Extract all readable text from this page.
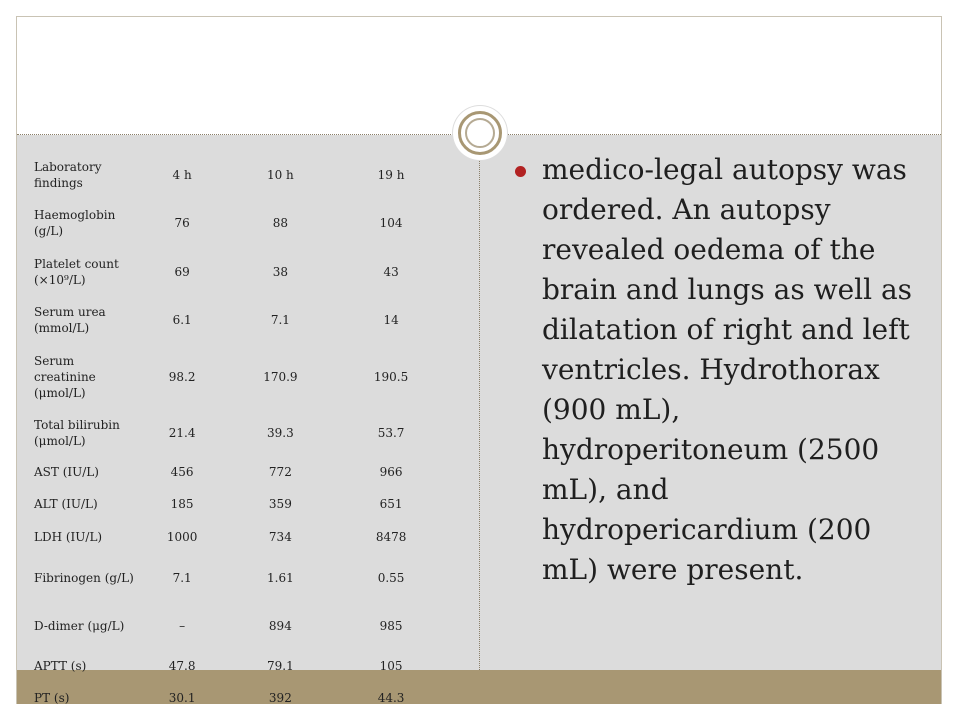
Laboratory findings	4 h	10 h	19 h
Haemoglobin (g/L)	76	88	104
Platelet count (×10⁹/L)	69	38	43
Serum urea (mmol/L)	6.1	7.1	14
Serum creatinine (μmol/L)	98.2	170.9	190.5
Total bilirubin (μmol/L)	21.4	39.3	53.7
AST (IU/L)	456	772	966
ALT (IU/L)	185	359	651
LDH (IU/L)	1000	734	8478
Fibrinogen (g/L)	7.1	1.61	0.55
D-dimer (μg/L)	–	894	985
APTT (s)	47.8	79.1	105
PT (s)	30.1	392	44.3
medico-legal autopsy was ordered. An autopsy revealed oedema of the brain and lungs as well as dilatation of right and left ventricles. Hydrothorax (900 mL), hydroperitoneum (2500 mL), and hydropericardium (200 mL) were present.
